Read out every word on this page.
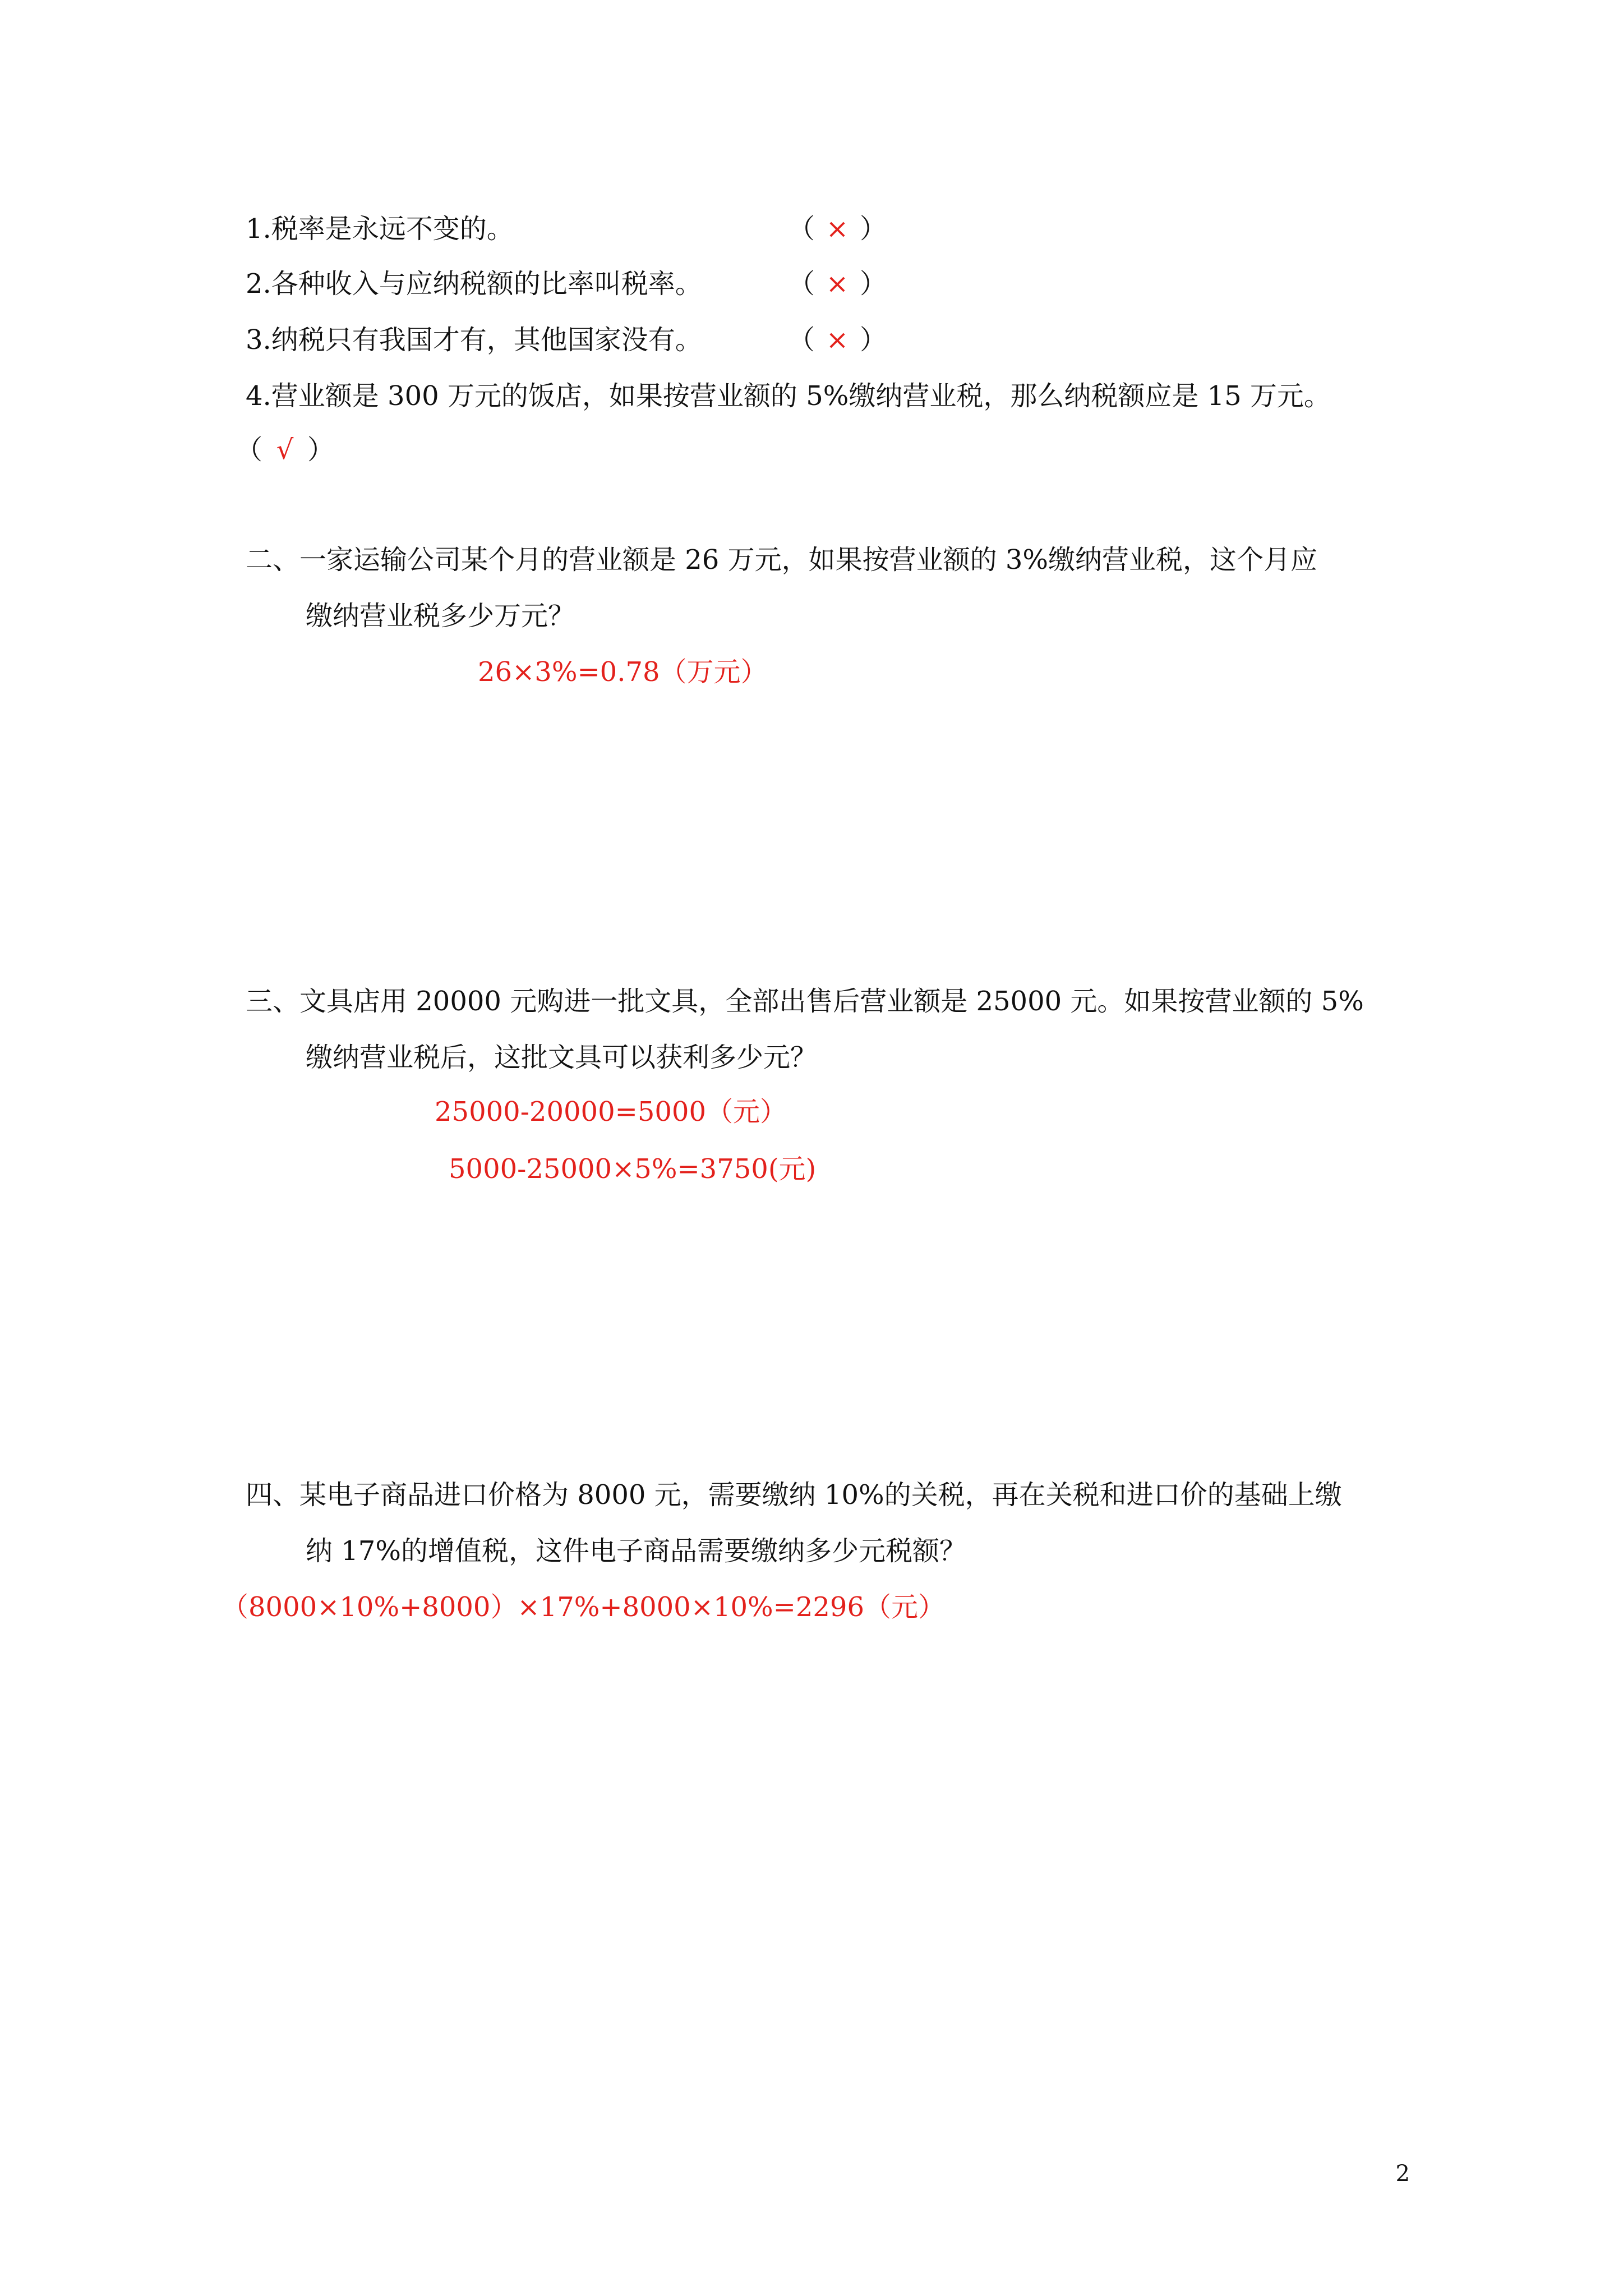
1.税率是永远不变的。	（ × ）

2.各种收入与应纳税额的比率叫税率。	（ × ）

3.纳税只有我国才有，其他国家没有。	（ × ）

4.营业额是 300 万元的饭店，如果按营业额的 5%缴纳营业税，那么纳税额应是 15 万元。

（ √ ）

二、一家运输公司某个月的营业额是 26 万元，如果按营业额的 3%缴纳营业税，这个月应

缴纳营业税多少万元？

26×3%=0.78（万元）

三、文具店用 20000 元购进一批文具，全部出售后营业额是 25000 元。如果按营业额的 5%

缴纳营业税后，这批文具可以获利多少元？

25000-20000=5000（元）

5000-25000×5%=3750(元)

四、某电子商品进口价格为 8000 元，需要缴纳 10%的关税，再在关税和进口价的基础上缴

纳 17%的增值税，这件电子商品需要缴纳多少元税额？

（8000×10%+8000）×17%+8000×10%=2296（元）

2
